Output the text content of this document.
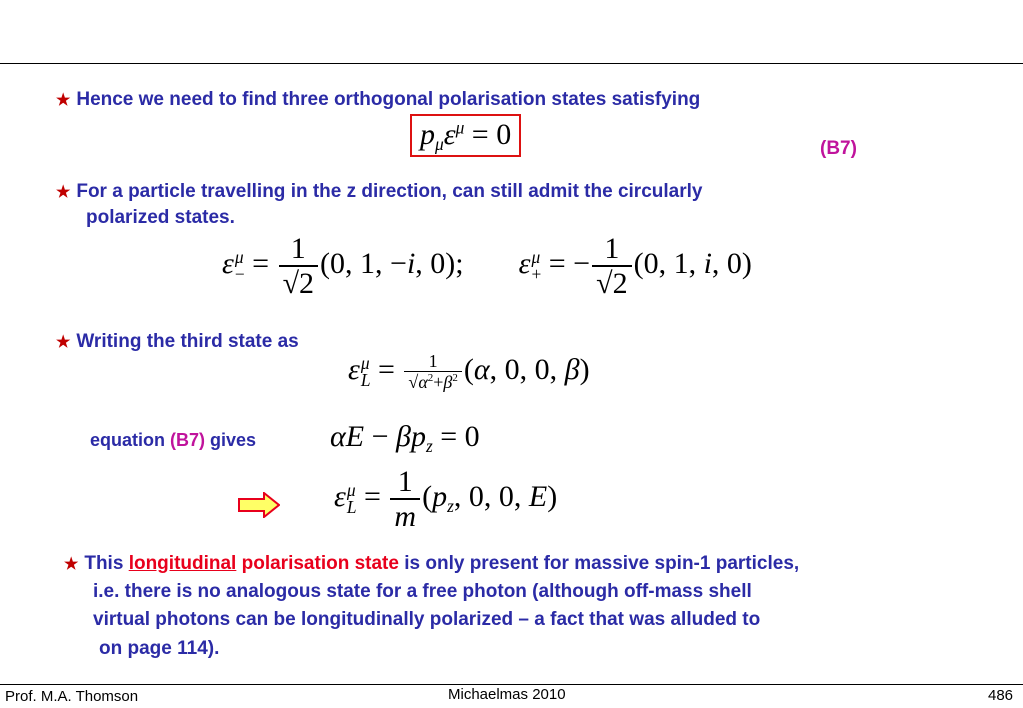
★ Hence we need to find three orthogonal polarisation states satisfying
$p_\mu\varepsilon^\mu = 0$	(B7)
★ For a particle travelling in the z direction, can still admit the circularly
polarized states.
ε μ
− = $\frac{1}{√2} (0$, 1, −i, 0);  ε μ
+ = − $\frac{1}{√2} (0$, 1, i, 0)
★ Writing the third state as
ε μ
$L = \frac{1}{√\alpha^2+\beta^2} (\alpha$, 0, 0, β)
equation (B7) gives $\alpha E - \beta p_z = 0$
ε μ
$L = \frac{1}{m} (p_z$, 0, 0, E)
★ This longitudinal polarisation state is only present for massive spin-1 particles,
i.e. there is no analogous state for a free photon (although off-mass shell
virtual photons can be longitudinally polarized – a fact that was alluded to
on page 114).
Prof. M.A. Thomson	Michaelmas 2010	486
